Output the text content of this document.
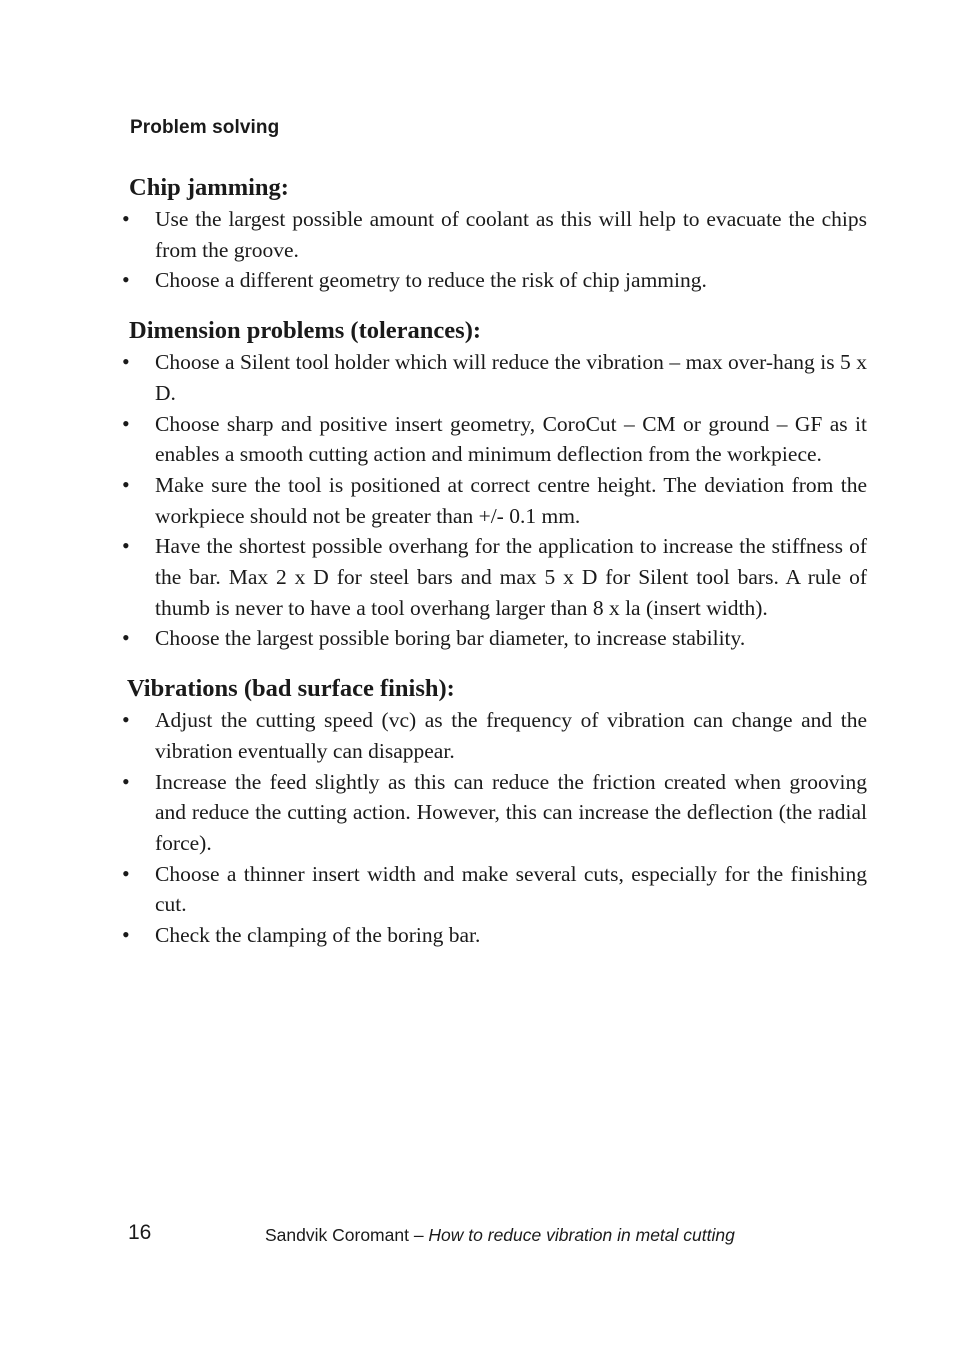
Problem solving
Chip jamming:
• Use the largest possible amount of coolant as this will help to evacuate the chips from the groove.
• Choose a different geometry to reduce the risk of chip jamming.
Dimension problems (tolerances):
• Choose a Silent tool holder which will reduce the vibration – max over-hang is 5 x D.
• Choose sharp and positive insert geometry, CoroCut – CM or ground – GF as it enables a smooth cutting action and minimum deflection from the workpiece.
• Make sure the tool is positioned at correct centre height. The deviation from the workpiece should not be greater than +/- 0.1 mm.
• Have the shortest possible overhang for the application to increase the stiffness of the bar. Max 2 x D for steel bars and max 5 x D for Silent tool bars. A rule of thumb is never to have a tool overhang larger than 8 x la (insert width).
• Choose the largest possible boring bar diameter, to increase stability.
Vibrations (bad surface finish):
• Adjust the cutting speed (vc) as the frequency of vibration can change and the vibration eventually can disappear.
• Increase the feed slightly as this can reduce the friction created when grooving and reduce the cutting action. However, this can increase the deflection (the radial force).
• Choose a thinner insert width and make several cuts, especially for the finishing cut.
• Check the clamping of the boring bar.
16	Sandvik Coromant – How to reduce vibration in metal cutting
